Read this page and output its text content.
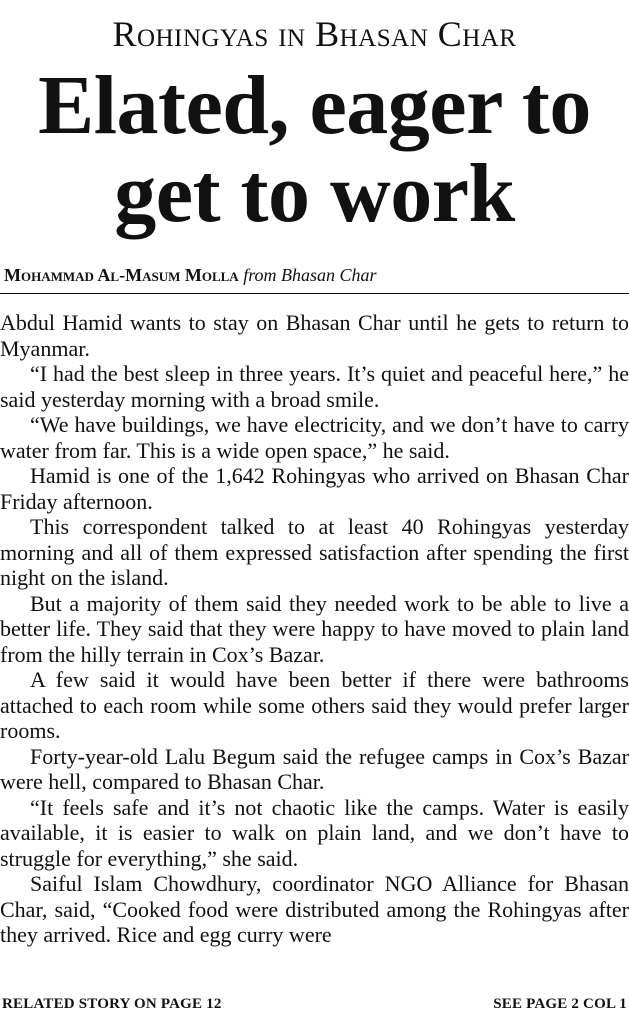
Rohingyas in Bhasan Char
Elated, eager to
get to work
Mohammad Al-Masum Molla from Bhasan Char

Abdul Hamid wants to stay on Bhasan Char until he gets to return to Myanmar.

“I had the best sleep in three years. It’s quiet and peaceful here,” he said yesterday morning with a broad smile.

“We have buildings, we have electricity, and we don’t have to carry water from far. This is a wide open space,” he said.

Hamid is one of the 1,642 Rohingyas who arrived on Bhasan Char Friday afternoon.

This correspondent talked to at least 40 Rohingyas yesterday morning and all of them expressed satisfaction after spending the first night on the island.

But a majority of them said they needed work to be able to live a better life. They said that they were happy to have moved to plain land from the hilly terrain in Cox’s Bazar.

A few said it would have been better if there were bathrooms attached to each room while some others said they would prefer larger rooms.

Forty-year-old Lalu Begum said the refugee camps in Cox’s Bazar were hell, compared to Bhasan Char.

“It feels safe and it’s not chaotic like the camps. Water is easily available, it is easier to walk on plain land, and we don’t have to struggle for everything,” she said.

Saiful Islam Chowdhury, coordinator NGO Alliance for Bhasan Char, said, “Cooked food were distributed among the Rohingyas after they arrived. Rice and egg curry were

RELATED STORY ON PAGE 12	SEE PAGE 2 COL 1
